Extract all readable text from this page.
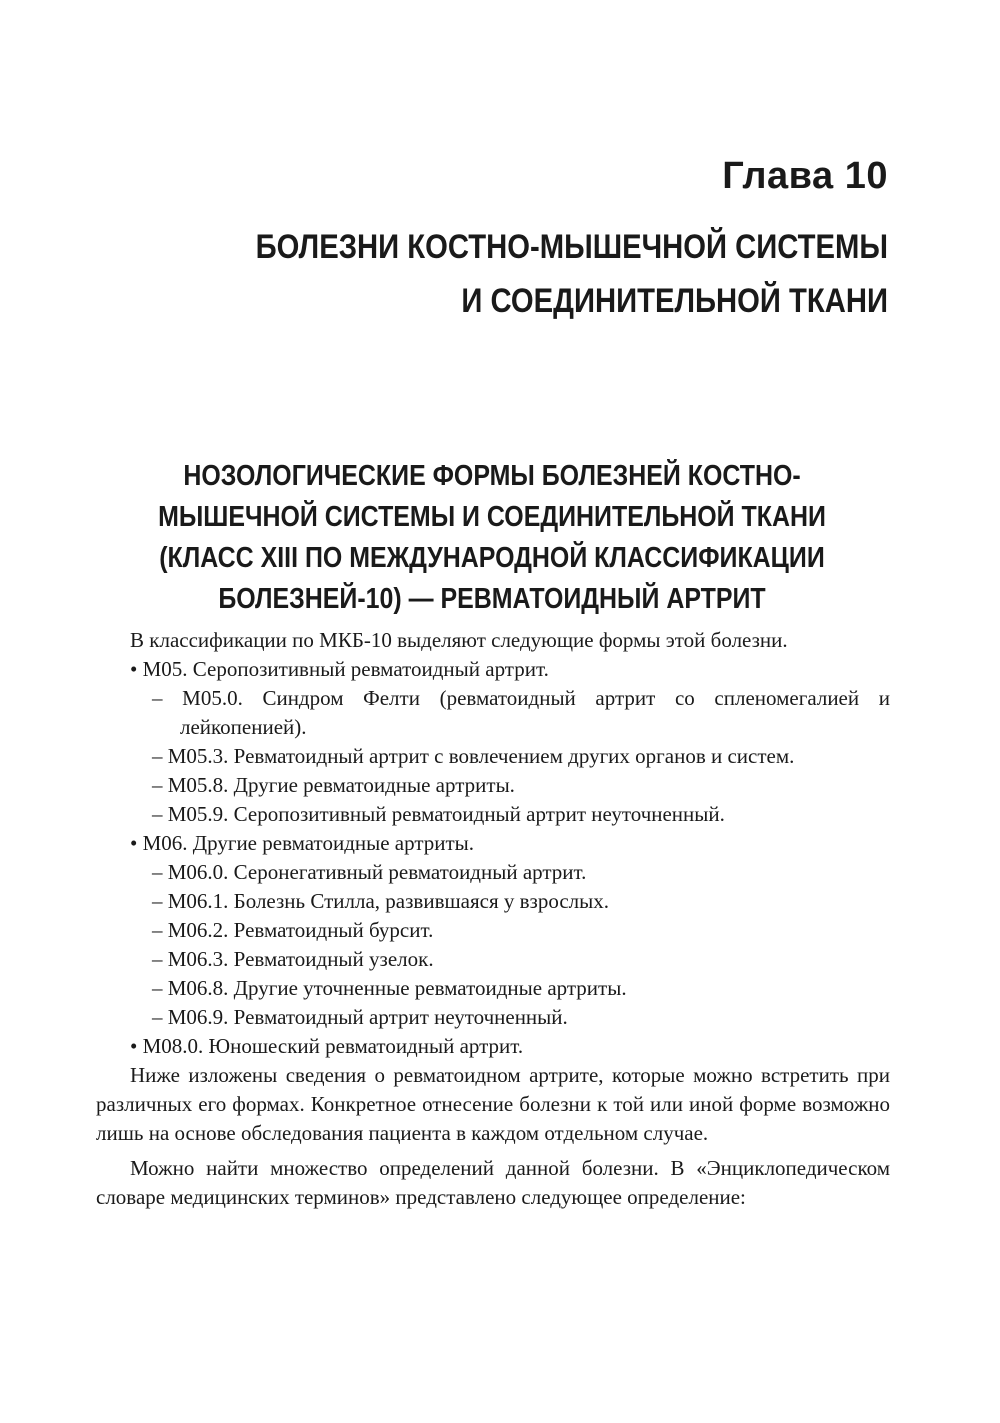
Глава 10
БОЛЕЗНИ КОСТНО-МЫШЕЧНОЙ СИСТЕМЫ
И СОЕДИНИТЕЛЬНОЙ ТКАНИ
НОЗОЛОГИЧЕСКИЕ ФОРМЫ БОЛЕЗНЕЙ КОСТНО-
МЫШЕЧНОЙ СИСТЕМЫ И СОЕДИНИТЕЛЬНОЙ ТКАНИ
(КЛАСС XIII ПО МЕЖДУНАРОДНОЙ КЛАССИФИКАЦИИ
БОЛЕЗНЕЙ-10) — РЕВМАТОИДНЫЙ АРТРИТ

В классификации по МКБ-10 выделяют следующие формы этой болезни.

• M05. Серопозитивный ревматоидный артрит.
– M05.0. Синдром Фелти (ревматоидный артрит со спленомегалией и лейкопенией).
– M05.3. Ревматоидный артрит с вовлечением других органов и систем.
– M05.8. Другие ревматоидные артриты.
– M05.9. Серопозитивный ревматоидный артрит неуточненный.
• M06. Другие ревматоидные артриты.
– M06.0. Серонегативный ревматоидный артрит.
– M06.1. Болезнь Стилла, развившаяся у взрослых.
– M06.2. Ревматоидный бурсит.
– M06.3. Ревматоидный узелок.
– M06.8. Другие уточненные ревматоидные артриты.
– M06.9. Ревматоидный артрит неуточненный.
• M08.0. Юношеский ревматоидный артрит.

Ниже изложены сведения о ревматоидном артрите, которые можно встретить при различных его формах. Конкретное отнесение болезни к той или иной форме возможно лишь на основе обследования пациента в каждом отдельном случае.

Можно найти множество определений данной болезни. В «Энциклопедическом словаре медицинских терминов» представлено следующее определение:
